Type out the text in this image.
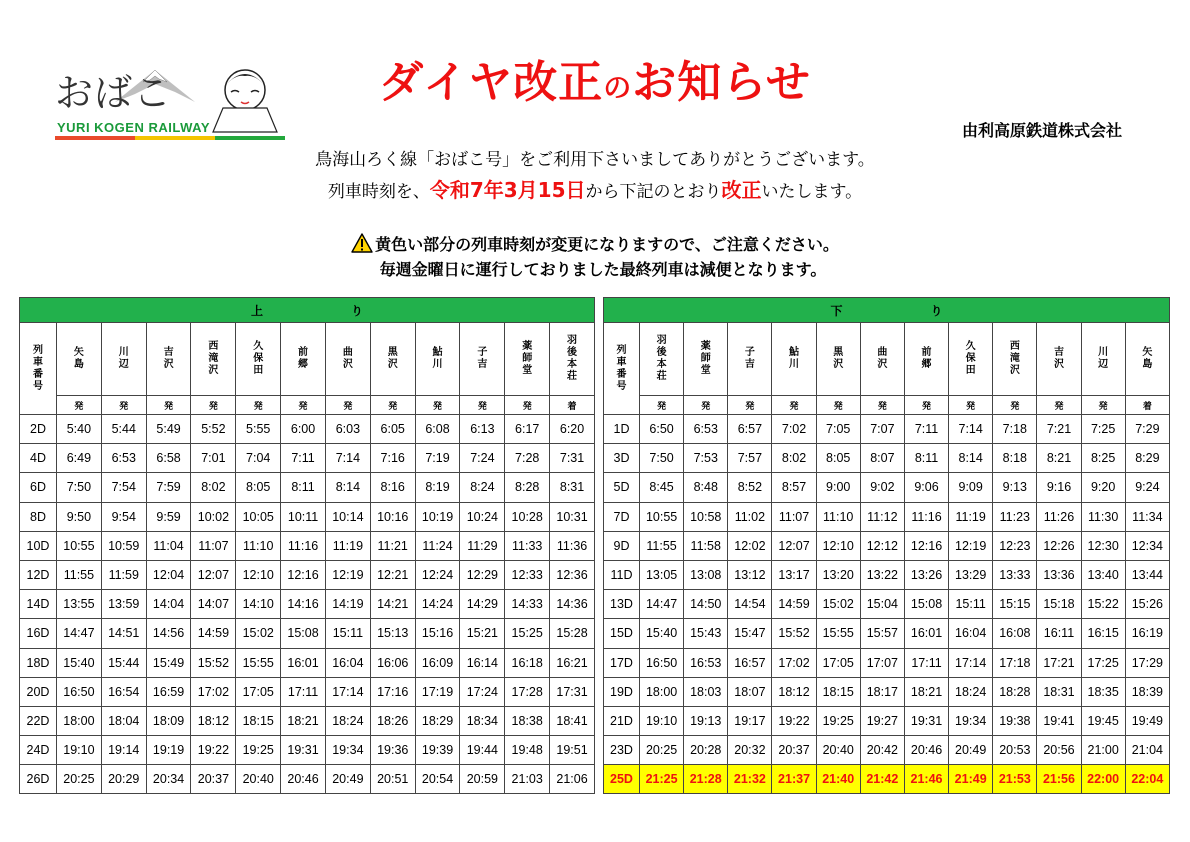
おばこ
YURI KOGEN RAILWAY
ダイヤ改正のお知らせ
由利高原鉄道株式会社
鳥海山ろく線「おばこ号」をご利用下さいましてありがとうございます。
列車時刻を、令和7年3月15日から下記のとおり改正いたします。
黄色い部分の列車時刻が変更になりますので、ご注意ください。
毎週金曜日に運行しておりました最終列車は減便となります。
上 り												
列車番号	矢島	川辺	吉沢	西滝沢	久保田	前郷	曲沢	黒沢	鮎川	子吉	薬師堂	羽後本荘
	発	発	発	発	発	発	発	発	発	発	発	着
2D	5:40	5:44	5:49	5:52	5:55	6:00	6:03	6:05	6:08	6:13	6:17	6:20
4D	6:49	6:53	6:58	7:01	7:04	7:11	7:14	7:16	7:19	7:24	7:28	7:31
6D	7:50	7:54	7:59	8:02	8:05	8:11	8:14	8:16	8:19	8:24	8:28	8:31
8D	9:50	9:54	9:59	10:02	10:05	10:11	10:14	10:16	10:19	10:24	10:28	10:31
10D	10:55	10:59	11:04	11:07	11:10	11:16	11:19	11:21	11:24	11:29	11:33	11:36
12D	11:55	11:59	12:04	12:07	12:10	12:16	12:19	12:21	12:24	12:29	12:33	12:36
14D	13:55	13:59	14:04	14:07	14:10	14:16	14:19	14:21	14:24	14:29	14:33	14:36
16D	14:47	14:51	14:56	14:59	15:02	15:08	15:11	15:13	15:16	15:21	15:25	15:28
18D	15:40	15:44	15:49	15:52	15:55	16:01	16:04	16:06	16:09	16:14	16:18	16:21
20D	16:50	16:54	16:59	17:02	17:05	17:11	17:14	17:16	17:19	17:24	17:28	17:31
22D	18:00	18:04	18:09	18:12	18:15	18:21	18:24	18:26	18:29	18:34	18:38	18:41
24D	19:10	19:14	19:19	19:22	19:25	19:31	19:34	19:36	19:39	19:44	19:48	19:51
26D	20:25	20:29	20:34	20:37	20:40	20:46	20:49	20:51	20:54	20:59	21:03	21:06
下 り												
列車番号	羽後本荘	薬師堂	子吉	鮎川	黒沢	曲沢	前郷	久保田	西滝沢	吉沢	川辺	矢島
	発	発	発	発	発	発	発	発	発	発	発	着
1D	6:50	6:53	6:57	7:02	7:05	7:07	7:11	7:14	7:18	7:21	7:25	7:29
3D	7:50	7:53	7:57	8:02	8:05	8:07	8:11	8:14	8:18	8:21	8:25	8:29
5D	8:45	8:48	8:52	8:57	9:00	9:02	9:06	9:09	9:13	9:16	9:20	9:24
7D	10:55	10:58	11:02	11:07	11:10	11:12	11:16	11:19	11:23	11:26	11:30	11:34
9D	11:55	11:58	12:02	12:07	12:10	12:12	12:16	12:19	12:23	12:26	12:30	12:34
11D	13:05	13:08	13:12	13:17	13:20	13:22	13:26	13:29	13:33	13:36	13:40	13:44
13D	14:47	14:50	14:54	14:59	15:02	15:04	15:08	15:11	15:15	15:18	15:22	15:26
15D	15:40	15:43	15:47	15:52	15:55	15:57	16:01	16:04	16:08	16:11	16:15	16:19
17D	16:50	16:53	16:57	17:02	17:05	17:07	17:11	17:14	17:18	17:21	17:25	17:29
19D	18:00	18:03	18:07	18:12	18:15	18:17	18:21	18:24	18:28	18:31	18:35	18:39
21D	19:10	19:13	19:17	19:22	19:25	19:27	19:31	19:34	19:38	19:41	19:45	19:49
23D	20:25	20:28	20:32	20:37	20:40	20:42	20:46	20:49	20:53	20:56	21:00	21:04
25D	21:25	21:28	21:32	21:37	21:40	21:42	21:46	21:49	21:53	21:56	22:00	22:04
